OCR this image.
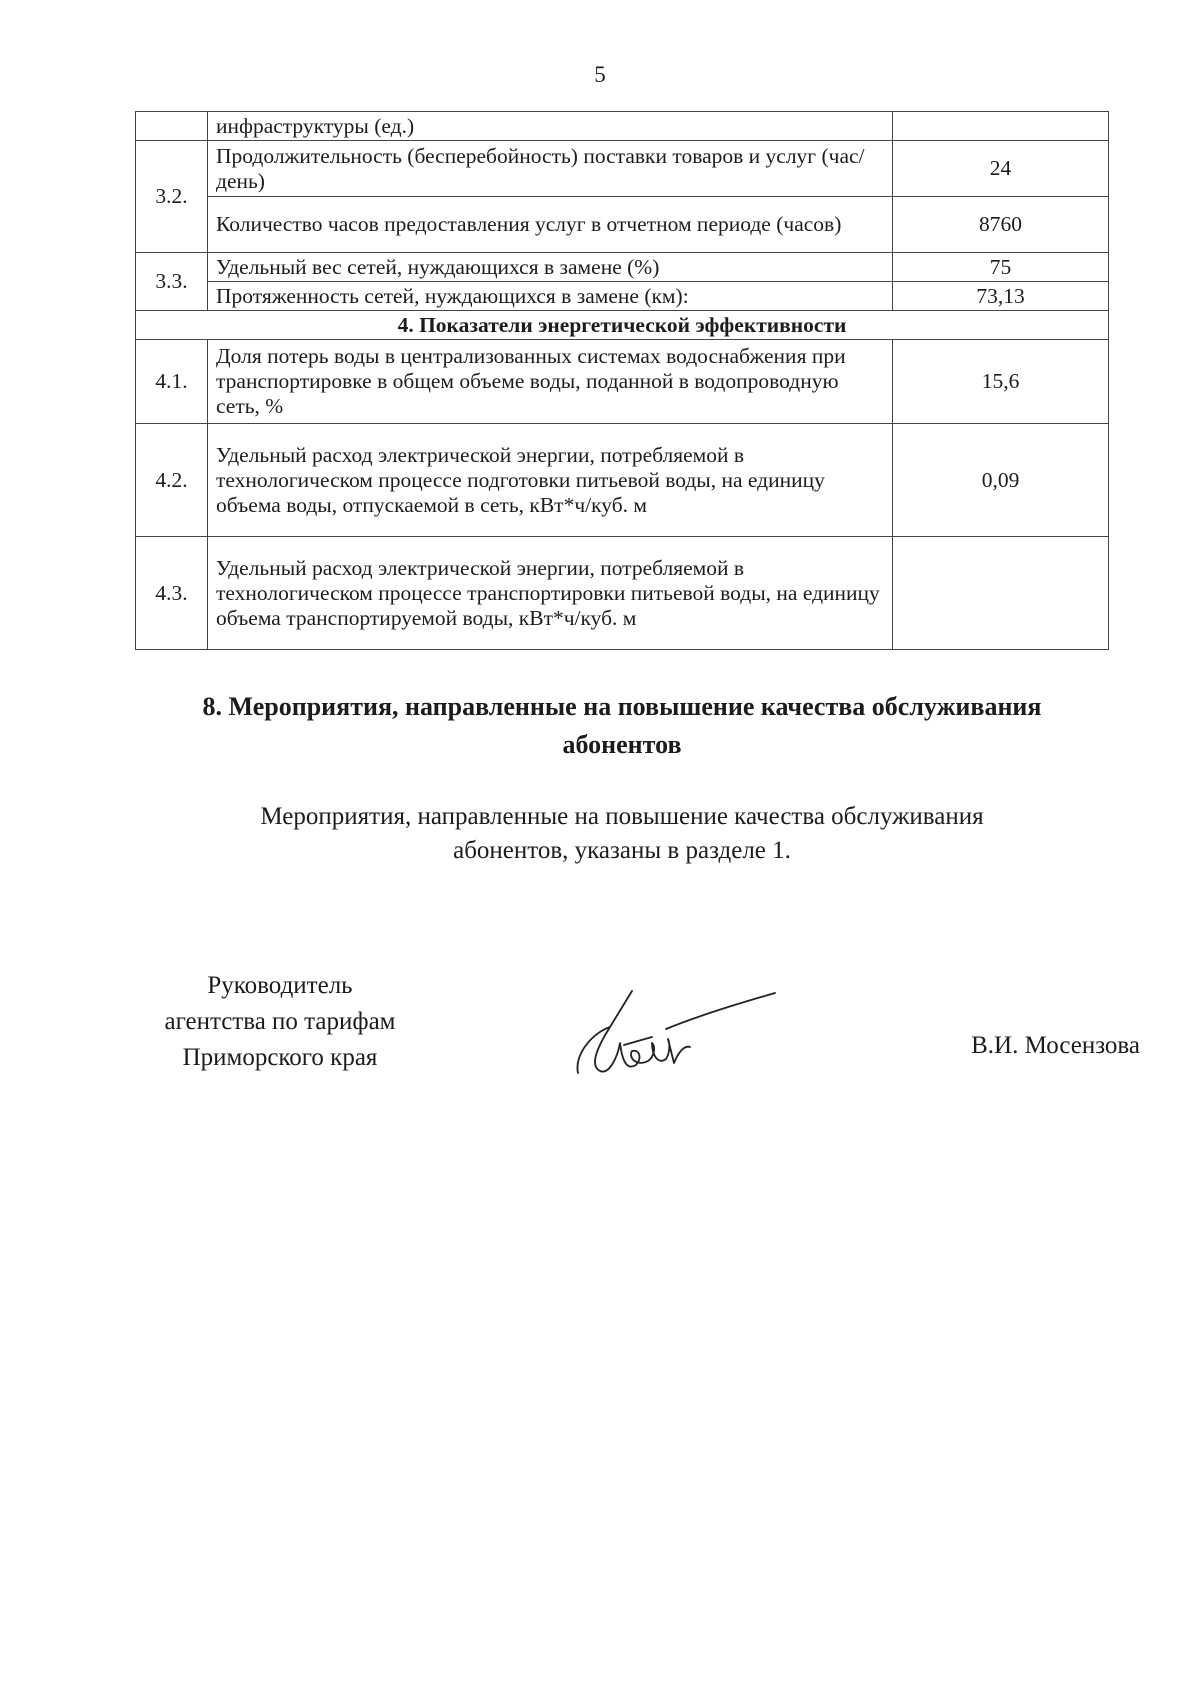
5
	инфраструктуры (ед.)	
3.2.	Продолжительность (бесперебойность) поставки товаров и услуг (час/день)	24
	Количество часов предоставления услуг в отчетном периоде (часов)	8760
3.3.	Удельный вес сетей, нуждающихся в замене (%)	75
	Протяженность сетей, нуждающихся в замене (км):	73,13
4. Показатели энергетической эффективности		
4.1.	Доля потерь воды в централизованных системах водоснабжения при транспортировке в общем объеме воды, поданной в водопроводную сеть, %	15,6
4.2.	Удельный расход электрической энергии, потребляемой в технологическом процессе подготовки питьевой воды, на единицу объема воды, отпускаемой в сеть, кВт*ч/куб. м	0,09
4.3.	Удельный расход электрической энергии, потребляемой в технологическом процессе транспортировки питьевой воды, на единицу объема транспортируемой воды, кВт*ч/куб. м	
8. Мероприятия, направленные на повышение качества обслуживания
абонентов
Мероприятия, направленные на повышение качества обслуживания
абонентов, указаны в разделе 1.
Руководитель
агентства по тарифам
Приморского края	В.И. Мосензова
